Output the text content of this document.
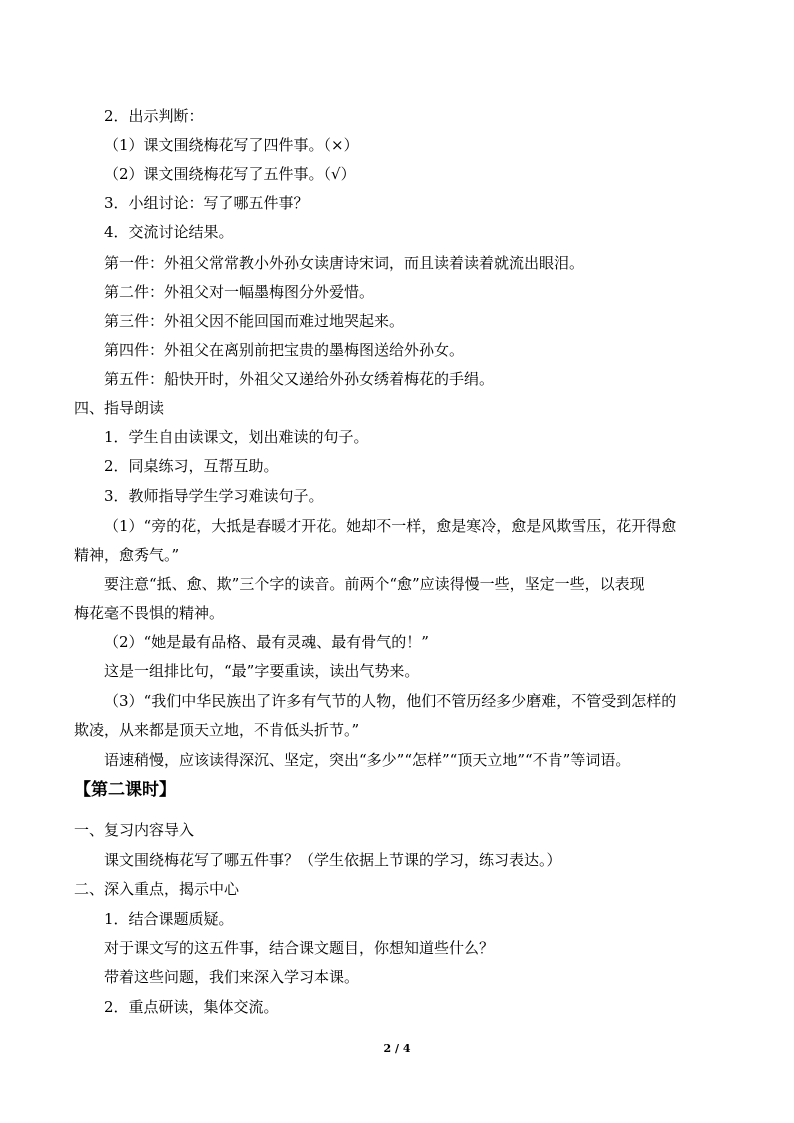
2．出示判断：
（1）课文围绕梅花写了四件事。（×）
（2）课文围绕梅花写了五件事。（√）
3．小组讨论：写了哪五件事？
4．交流讨论结果。
第一件：外祖父常常教小外孙女读唐诗宋词，而且读着读着就流出眼泪。
第二件：外祖父对一幅墨梅图分外爱惜。
第三件：外祖父因不能回国而难过地哭起来。
第四件：外祖父在离别前把宝贵的墨梅图送给外孙女。
第五件：船快开时，外祖父又递给外孙女绣着梅花的手绢。
四、指导朗读
1．学生自由读课文，划出难读的句子。
2．同桌练习，互帮互助。
3．教师指导学生学习难读句子。
（1）“旁的花，大抵是春暖才开花。她却不一样，愈是寒冷，愈是风欺雪压，花开得愈
精神，愈秀气。”
要注意“抵、愈、欺”三个字的读音。前两个“愈”应读得慢一些，坚定一些，以表现
梅花毫不畏惧的精神。
（2）“她是最有品格、最有灵魂、最有骨气的！”
这是一组排比句，“最”字要重读，读出气势来。
（3）“我们中华民族出了许多有气节的人物，他们不管历经多少磨难，不管受到怎样的
欺凌，从来都是顶天立地，不肯低头折节。”
语速稍慢，应该读得深沉、坚定，突出“多少”“怎样”“顶天立地”“不肯”等词语。
【第二课时】
一、复习内容导入
课文围绕梅花写了哪五件事？（学生依据上节课的学习，练习表达。）
二、深入重点，揭示中心
1．结合课题质疑。
对于课文写的这五件事，结合课文题目，你想知道些什么？
带着这些问题，我们来深入学习本课。
2．重点研读，集体交流。
2 / 4
